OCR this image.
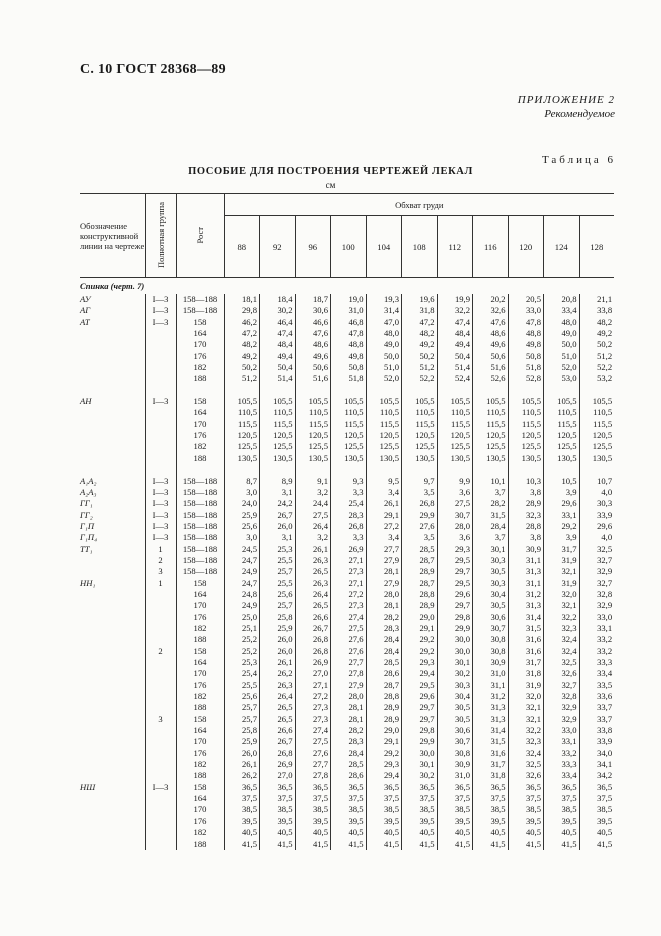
С. 10 ГОСТ 28368—89
ПРИЛОЖЕНИЕ 2
Рекомендуемое
Таблица 6
ПОСОБИЕ ДЛЯ ПОСТРОЕНИЯ ЧЕРТЕЖЕЙ ЛЕКАЛ
см
Обозначение конструктивной линии на чертеже	Полнотная группа	Рост	Обхват груди										
			88	92	96	100	104	108	112	116	120	124	128
Спинка (черт. 7)													
АУ	I—3	158—188	18,1	18,4	18,7	19,0	19,3	19,6	19,9	20,2	20,5	20,8	21,1
АГ	I—3	158—188	29,8	30,2	30,6	31,0	31,4	31,8	32,2	32,6	33,0	33,4	33,8
АТ	I—3	158	46,2	46,4	46,6	46,8	47,0	47,2	47,4	47,6	47,8	48,0	48,2
		164	47,2	47,4	47,6	47,8	48,0	48,2	48,4	48,6	48,8	49,0	49,2
		170	48,2	48,4	48,6	48,8	49,0	49,2	49,4	49,6	49,8	50,0	50,2
		176	49,2	49,4	49,6	49,8	50,0	50,2	50,4	50,6	50,8	51,0	51,2
		182	50,2	50,4	50,6	50,8	51,0	51,2	51,4	51,6	51,8	52,0	52,2
		188	51,2	51,4	51,6	51,8	52,0	52,2	52,4	52,6	52,8	53,0	53,2

АН	I—3	158	105,5	105,5	105,5	105,5	105,5	105,5	105,5	105,5	105,5	105,5	105,5
		164	110,5	110,5	110,5	110,5	110,5	110,5	110,5	110,5	110,5	110,5	110,5
		170	115,5	115,5	115,5	115,5	115,5	115,5	115,5	115,5	115,5	115,5	115,5
		176	120,5	120,5	120,5	120,5	120,5	120,5	120,5	120,5	120,5	120,5	120,5
		182	125,5	125,5	125,5	125,5	125,5	125,5	125,5	125,5	125,5	125,5	125,5
		188	130,5	130,5	130,5	130,5	130,5	130,5	130,5	130,5	130,5	130,5	130,5

А₁А₂	I—3	158—188	8,7	8,9	9,1	9,3	9,5	9,7	9,9	10,1	10,3	10,5	10,7
А₂А₃	I—3	158—188	3,0	3,1	3,2	3,3	3,4	3,5	3,6	3,7	3,8	3,9	4,0
ГГ₁	I—3	158—188	24,0	24,2	24,4	25,4	26,1	26,8	27,5	28,2	28,9	29,6	30,3
ГГ₂	I—3	158—188	25,9	26,7	27,5	28,3	29,1	29,9	30,7	31,5	32,3	33,1	33,9
Г₁П	I—3	158—188	25,6	26,0	26,4	26,8	27,2	27,6	28,0	28,4	28,8	29,2	29,6
Г₁П₄	I—3	158—188	3,0	3,1	3,2	3,3	3,4	3,5	3,6	3,7	3,8	3,9	4,0
ТТ₁	1	158—188	24,5	25,3	26,1	26,9	27,7	28,5	29,3	30,1	30,9	31,7	32,5
	2	158—188	24,7	25,5	26,3	27,1	27,9	28,7	29,5	30,3	31,1	31,9	32,7
	3	158—188	24,9	25,7	26,5	27,3	28,1	28,9	29,7	30,5	31,3	32,1	32,9
НН₁	1	158	24,7	25,5	26,3	27,1	27,9	28,7	29,5	30,3	31,1	31,9	32,7
		164	24,8	25,6	26,4	27,2	28,0	28,8	29,6	30,4	31,2	32,0	32,8
		170	24,9	25,7	26,5	27,3	28,1	28,9	29,7	30,5	31,3	32,1	32,9
		176	25,0	25,8	26,6	27,4	28,2	29,0	29,8	30,6	31,4	32,2	33,0
		182	25,1	25,9	26,7	27,5	28,3	29,1	29,9	30,7	31,5	32,3	33,1
		188	25,2	26,0	26,8	27,6	28,4	29,2	30,0	30,8	31,6	32,4	33,2
	2	158	25,2	26,0	26,8	27,6	28,4	29,2	30,0	30,8	31,6	32,4	33,2
		164	25,3	26,1	26,9	27,7	28,5	29,3	30,1	30,9	31,7	32,5	33,3
		170	25,4	26,2	27,0	27,8	28,6	29,4	30,2	31,0	31,8	32,6	33,4
		176	25,5	26,3	27,1	27,9	28,7	29,5	30,3	31,1	31,9	32,7	33,5
		182	25,6	26,4	27,2	28,0	28,8	29,6	30,4	31,2	32,0	32,8	33,6
		188	25,7	26,5	27,3	28,1	28,9	29,7	30,5	31,3	32,1	32,9	33,7
	3	158	25,7	26,5	27,3	28,1	28,9	29,7	30,5	31,3	32,1	32,9	33,7
		164	25,8	26,6	27,4	28,2	29,0	29,8	30,6	31,4	32,2	33,0	33,8
		170	25,9	26,7	27,5	28,3	29,1	29,9	30,7	31,5	32,3	33,1	33,9
		176	26,0	26,8	27,6	28,4	29,2	30,0	30,8	31,6	32,4	33,2	34,0
		182	26,1	26,9	27,7	28,5	29,3	30,1	30,9	31,7	32,5	33,3	34,1
		188	26,2	27,0	27,8	28,6	29,4	30,2	31,0	31,8	32,6	33,4	34,2
НШ	I—3	158	36,5	36,5	36,5	36,5	36,5	36,5	36,5	36,5	36,5	36,5	36,5
		164	37,5	37,5	37,5	37,5	37,5	37,5	37,5	37,5	37,5	37,5	37,5
		170	38,5	38,5	38,5	38,5	38,5	38,5	38,5	38,5	38,5	38,5	38,5
		176	39,5	39,5	39,5	39,5	39,5	39,5	39,5	39,5	39,5	39,5	39,5
		182	40,5	40,5	40,5	40,5	40,5	40,5	40,5	40,5	40,5	40,5	40,5
		188	41,5	41,5	41,5	41,5	41,5	41,5	41,5	41,5	41,5	41,5	41,5
